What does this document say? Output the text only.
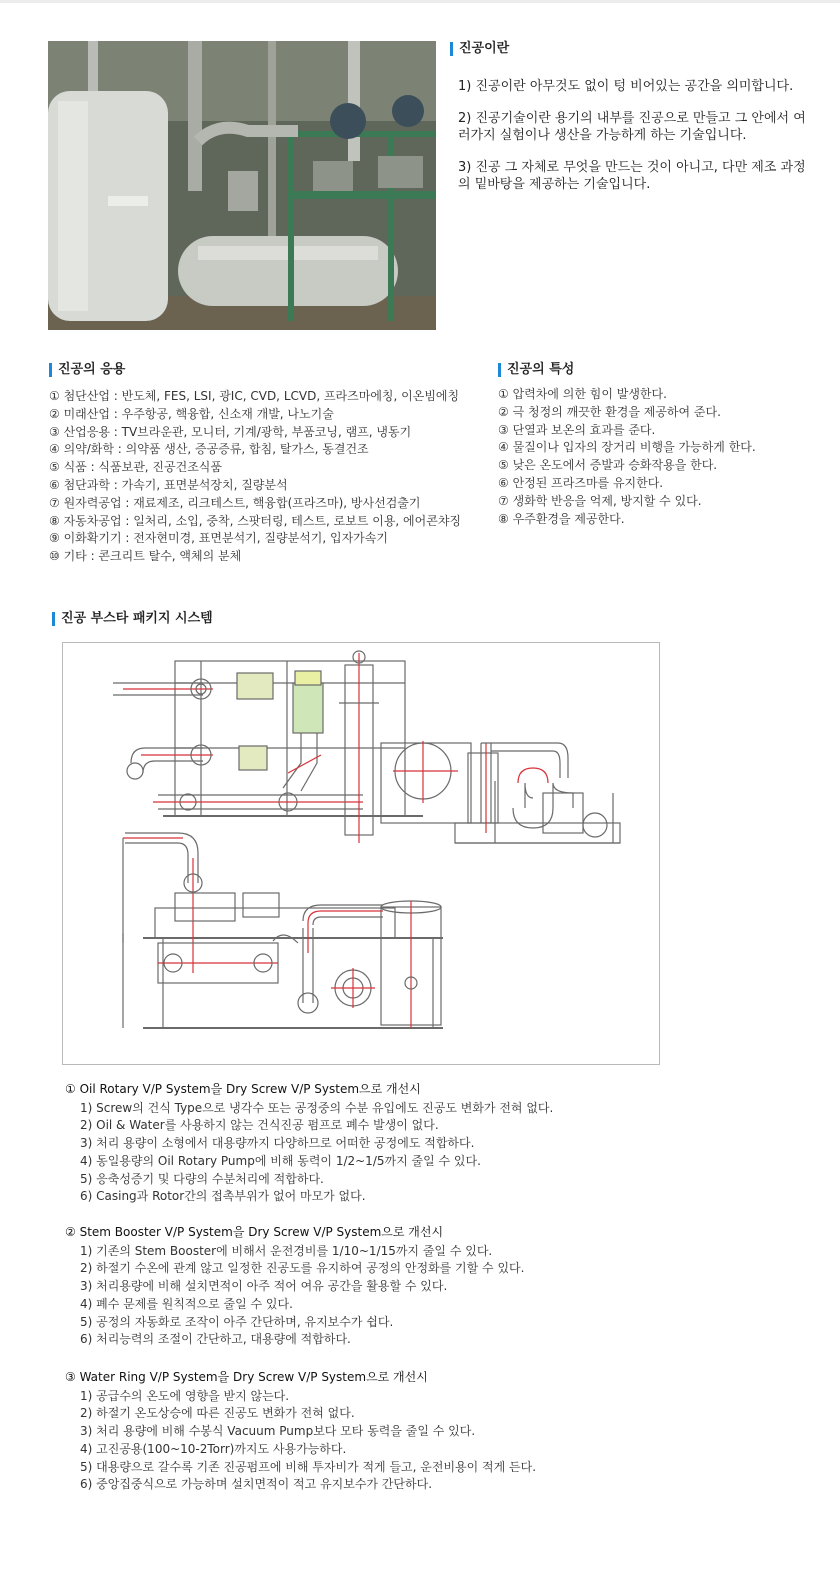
진공이란

1) 진공이란 아무것도 없이 텅 비어있는 공간을 의미합니다.

2) 진공기술이란 용기의 내부를 진공으로 만들고 그 안에서 여러가지 실험이나 생산을 가능하게 하는 기술입니다.

3) 진공 그 자체로 무엇을 만드는 것이 아니고, 다만 제조 과정의 밑바탕을 제공하는 기술입니다.

진공의 응용
① 첨단산업 : 반도체, FES, LSI, 광IC, CVD, LCVD, 프라즈마에칭, 이온빔에칭
② 미래산업 : 우주항공, 핵융합, 신소재 개발, 나노기술
③ 산업응용 : TV브라운관, 모니터, 기계/광학, 부품코닝, 램프, 냉동기
④ 의약/화학 : 의약품 생산, 증공증류, 합침, 탈가스, 동결건조
⑤ 식품 : 식품보관, 진공건조식품
⑥ 첨단과학 : 가속기, 표면분석장치, 질량분석
⑦ 원자력공업 : 재료제조, 리크테스트, 핵융합(프라즈마), 방사선검출기
⑧ 자동차공업 : 일처리, 소입, 중착, 스팟터링, 테스트, 로보트 이용, 에어콘챠징
⑨ 이화확기기 : 전자현미경, 표면분석기, 질량분석기, 입자가속기
⑩ 기타 : 콘크리트 탈수, 액체의 분체
진공의 특성
① 압력차에 의한 힘이 발생한다.
② 극 청정의 깨끗한 환경을 제공하여 준다.
③ 단열과 보온의 효과를 준다.
④ 물질이나 입자의 장거리 비행을 가능하게 한다.
⑤ 낮은 온도에서 증발과 승화작용을 한다.
⑥ 안정된 프라즈마를 유지한다.
⑦ 생화학 반응을 억제, 방지할 수 있다.
⑧ 우주환경을 제공한다.
진공 부스타 패키지 시스템
① Oil Rotary V/P System을 Dry Screw V/P System으로 개선시
1) Screw의 건식 Type으로 냉각수 또는 공정중의 수분 유입에도 진공도 변화가 전혀 없다.
2) Oil & Water를 사용하지 않는 건식진공 펌프로 폐수 발생이 없다.
3) 처리 용량이 소형에서 대용량까지 다양하므로 어떠한 공정에도 적합하다.
4) 동일용량의 Oil Rotary Pump에 비해 동력이 1/2~1/5까지 줄일 수 있다.
5) 응축성증기 및 다량의 수분처리에 적합하다.
6) Casing과 Rotor간의 접촉부위가 없어 마모가 없다.
② Stem Booster V/P System을 Dry Screw V/P System으로 개선시
1) 기존의 Stem Booster에 비해서 운전경비를 1/10~1/15까지 줄일 수 있다.
2) 하절기 수온에 관계 않고 일정한 진공도를 유지하여 공정의 안정화를 기할 수 있다.
3) 처리용량에 비해 설치면적이 아주 적어 여유 공간을 활용할 수 있다.
4) 폐수 문제를 원칙적으로 줄일 수 있다.
5) 공정의 자동화로 조작이 아주 간단하며, 유지보수가 쉽다.
6) 처리능력의 조절이 간단하고, 대용량에 적합하다.
③ Water Ring V/P System을 Dry Screw V/P System으로 개선시
1) 공급수의 온도에 영향을 받지 않는다.
2) 하절기 온도상승에 따른 진공도 변화가 전혀 없다.
3) 처리 용량에 비해 수봉식 Vacuum Pump보다 모타 동력을 줄일 수 있다.
4) 고진공용(100~10-2Torr)까지도 사용가능하다.
5) 대용량으로 갈수록 기존 진공펌프에 비해 투자비가 적게 들고, 운전비용이 적게 든다.
6) 중앙집중식으로 가능하며 설치면적이 적고 유지보수가 간단하다.
